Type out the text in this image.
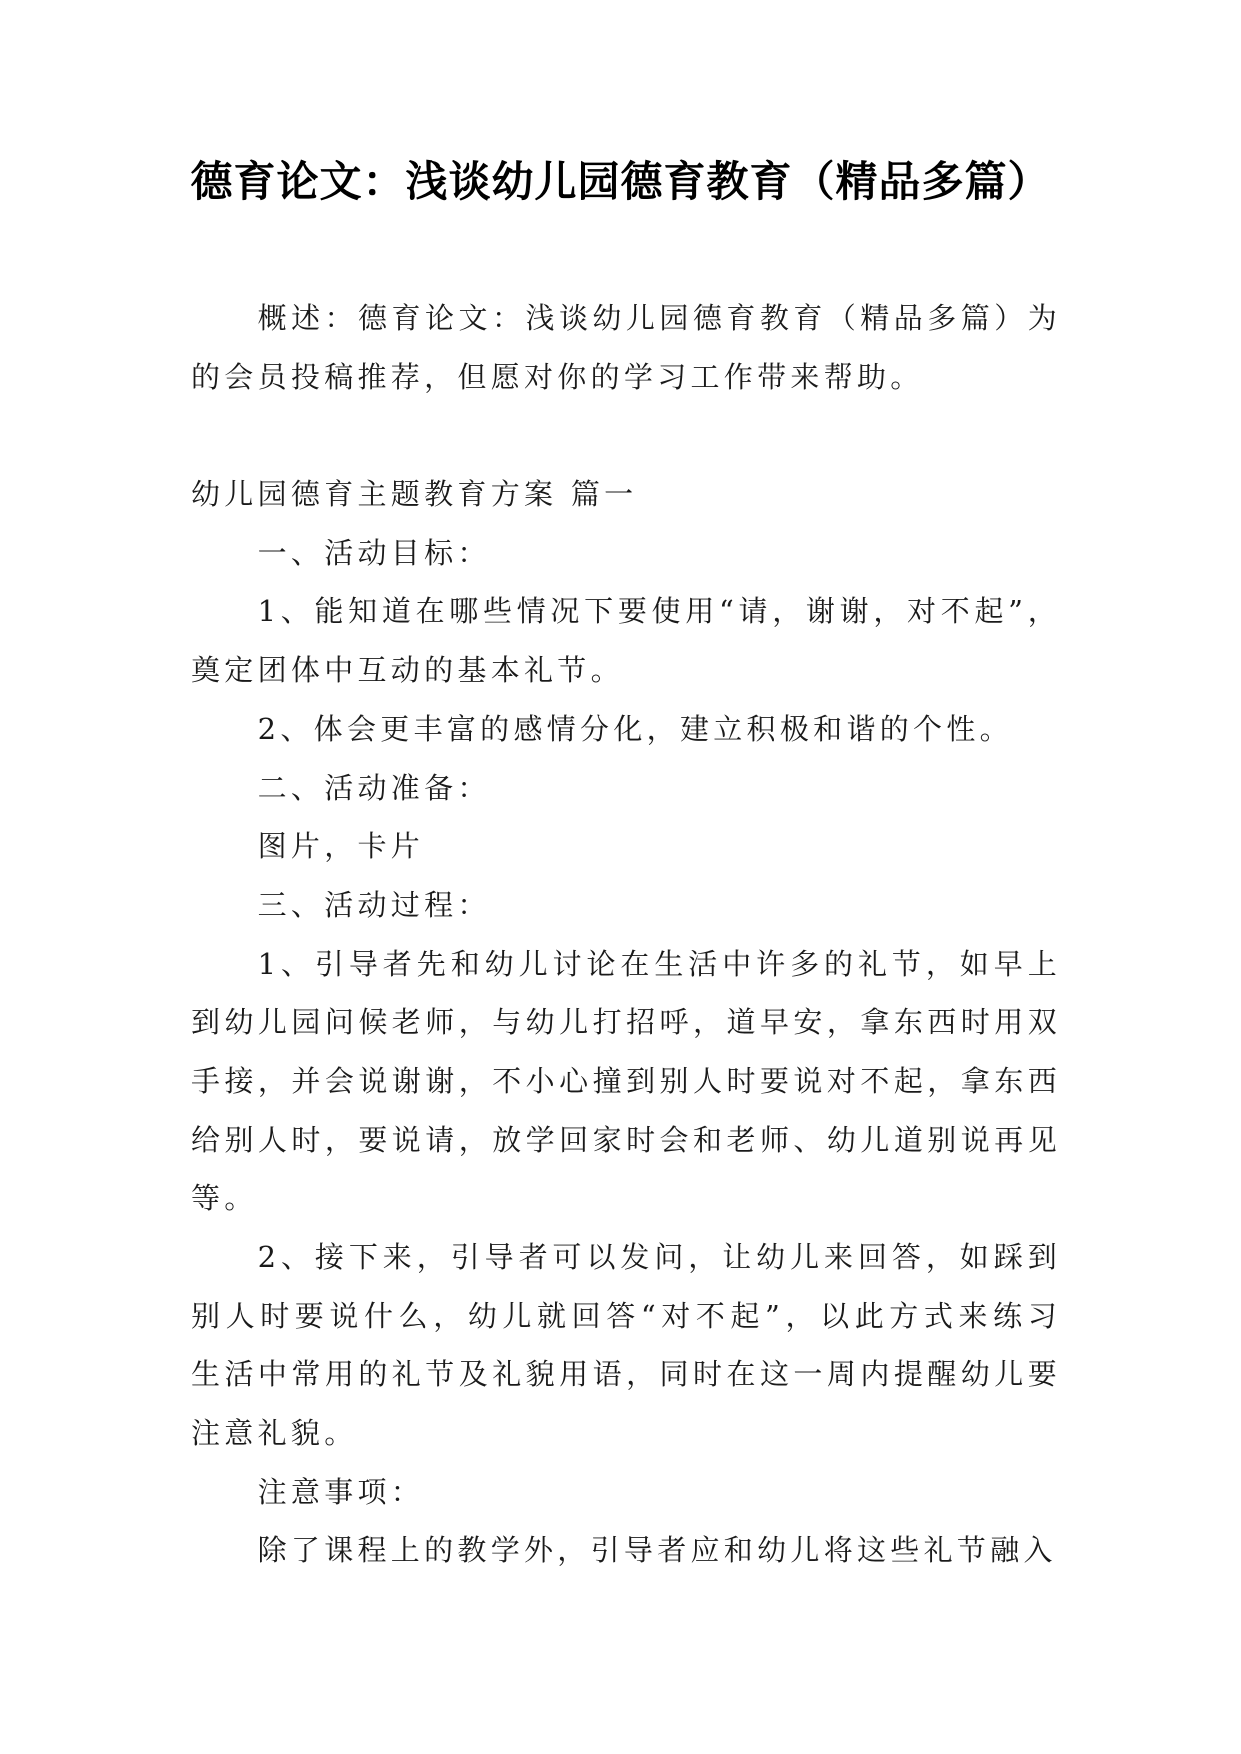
德育论文：浅谈幼儿园德育教育（精品多篇）
概述：德育论文：浅谈幼儿园德育教育（精品多篇）为
的会员投稿推荐，但愿对你的学习工作带来帮助。
幼儿园德育主题教育方案 篇一
一、活动目标：
1、能知道在哪些情况下要使用“请，谢谢，对不起”，
奠定团体中互动的基本礼节。
2、体会更丰富的感情分化，建立积极和谐的个性。
二、活动准备：
图片，卡片
三、活动过程：
1、引导者先和幼儿讨论在生活中许多的礼节，如早上
到幼儿园问候老师，与幼儿打招呼，道早安，拿东西时用双
手接，并会说谢谢，不小心撞到别人时要说对不起，拿东西
给别人时，要说请，放学回家时会和老师、幼儿道别说再见
等。
2、接下来，引导者可以发问，让幼儿来回答，如踩到
别人时要说什么，幼儿就回答“对不起”，以此方式来练习
生活中常用的礼节及礼貌用语，同时在这一周内提醒幼儿要
注意礼貌。
注意事项：
除了课程上的教学外，引导者应和幼儿将这些礼节融入
